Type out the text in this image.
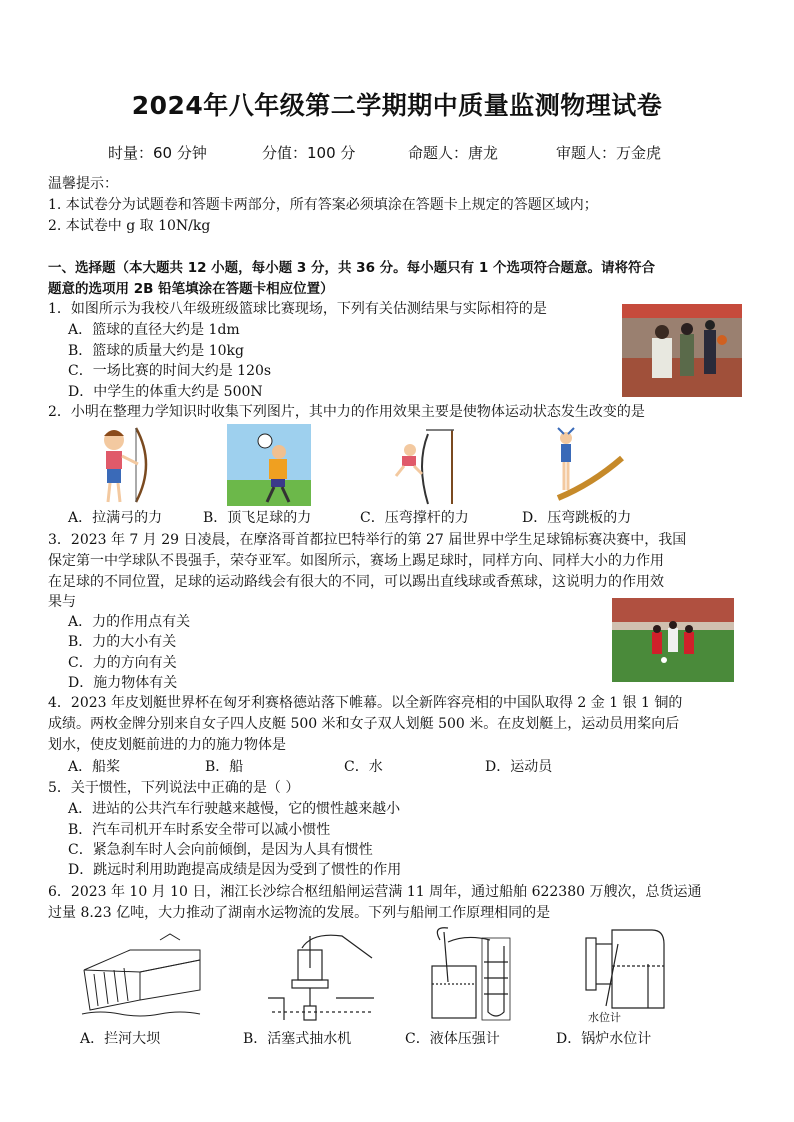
2024年八年级第二学期期中质量监测物理试卷
时量：60 分钟	分值：100 分	命题人：唐龙	审题人：万金虎
温馨提示：
1. 本试卷分为试题卷和答题卡两部分，所有答案必须填涂在答题卡上规定的答题区域内；
2. 本试卷中 g 取 10N/kg
一、选择题（本大题共 12 小题，每小题 3 分，共 36 分。每小题只有 1 个选项符合题意。请将符合
题意的选项用 2B 铅笔填涂在答题卡相应位置）
1．如图所示为我校八年级班级篮球比赛现场，下列有关估测结果与实际相符的是
A．篮球的直径大约是 1dm
B．篮球的质量大约是 10kg
C．一场比赛的时间大约是 120s
D．中学生的体重大约是 500N
2．小明在整理力学知识时收集下列图片，其中力的作用效果主要是使物体运动状态发生改变的是
A．拉满弓的力	B．顶飞足球的力	C．压弯撑杆的力	D．压弯跳板的力
3．2023 年 7 月 29 日凌晨，在摩洛哥首都拉巴特举行的第 27 届世界中学生足球锦标赛决赛中，我国
保定第一中学球队不畏强手，荣夺亚军。如图所示，赛场上踢足球时，同样方向、同样大小的力作用
在足球的不同位置，足球的运动路线会有很大的不同，可以踢出直线球或香蕉球，这说明力的作用效
果与
A．力的作用点有关
B．力的大小有关
C．力的方向有关
D．施力物体有关
4．2023 年皮划艇世界杯在匈牙利赛格德站落下帷幕。以全新阵容亮相的中国队取得 2 金 1 银 1 铜的
成绩。两枚金牌分别来自女子四人皮艇 500 米和女子双人划艇 500 米。在皮划艇上，运动员用桨向后
划水，使皮划艇前进的力的施力物体是
A．船桨	B．船	C．水	D．运动员
5．关于惯性，下列说法中正确的是（ ）
A．进站的公共汽车行驶越来越慢，它的惯性越来越小
B．汽车司机开车时系安全带可以减小惯性
C．紧急刹车时人会向前倾倒，是因为人具有惯性
D．跳远时利用助跑提高成绩是因为受到了惯性的作用
6．2023 年 10 月 10 日，湘江长沙综合枢纽船闸运营满 11 周年，通过船舶 622380 万艘次，总货运通
过量 8.23 亿吨，大力推动了湖南水运物流的发展。下列与船闸工作原理相同的是
水位计
A．拦河大坝	B．活塞式抽水机	C．液体压强计	D．锅炉水位计
